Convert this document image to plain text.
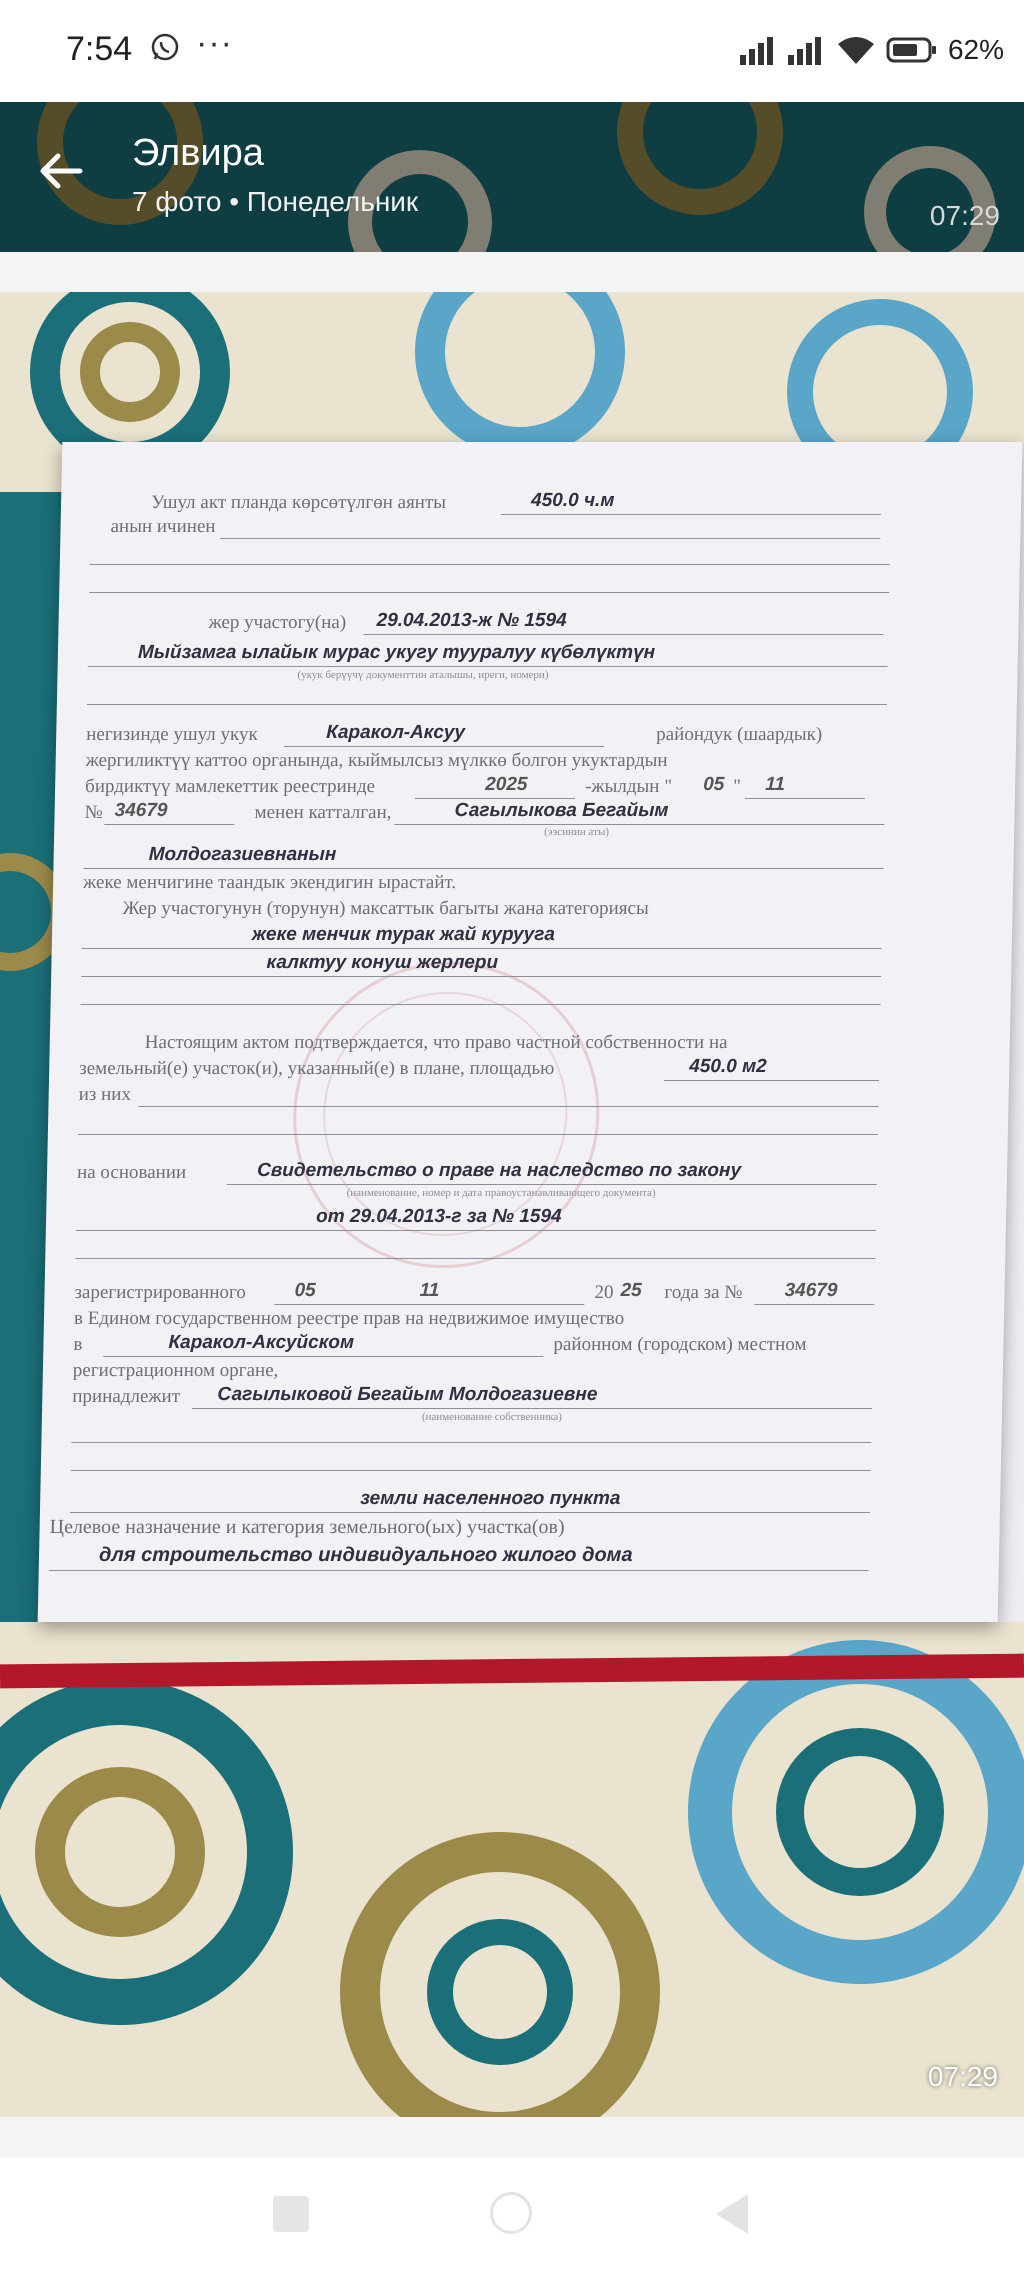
7:54 ···	62%
Элвира
7 фото • Понедельник	07:29
Ушул акт планда көрсөтүлгөн аянты	450.0 ч.м
анын ичинен
жер участогу(на) 29.04.2013-ж № 1594
Мыйзамга ылайык мурас укугу тууралуу күбөлүктүн
(укук берүүчү документтин аталышы, иреги, номери)
негизинде ушул укук	Каракол-Аксуу	райондук (шаардык)
жергиликтүү каттоо органында, кыймылсыз мүлккө болгон укуктардын
бирдиктүү мамлекеттик реестринде	2025	-жылдын " 05 " 11
№ 34679	менен катталган,	Сагылыкова Бегайым
(ээсинин аты)
Молдогазиевнанын
жеке менчигине таандык экендигин ырастайт.
Жер участогунун (торунун) максаттык багыты жана категориясы
жеке менчик турак жай куруугa
калктуу конуш жерлери
Настоящим актом подтверждается, что право частной собственности на
земельный(е) участок(и), указанный(е) в плане, площадью	450.0 м2
из них
на основании	Свидетельство о праве на наследство по закону
(наименование, номер и дата правоустанавливающего документа)
от 29.04.2013-г за № 1594
зарегистрированного	05	11	20 25 года за № 34679
в Едином государственном реестре прав на недвижимое имущество
в	Каракол-Аксуйском	районном (городском) местном
регистрационном органе,
принадлежит Сагылыковой Бегайым Молдогазиевне
(наименование собственника)
земли населенного пункта
Целевое назначение и категория земельного(ых) участка(ов)
для строительство индивидуального жилого дома
07:29
